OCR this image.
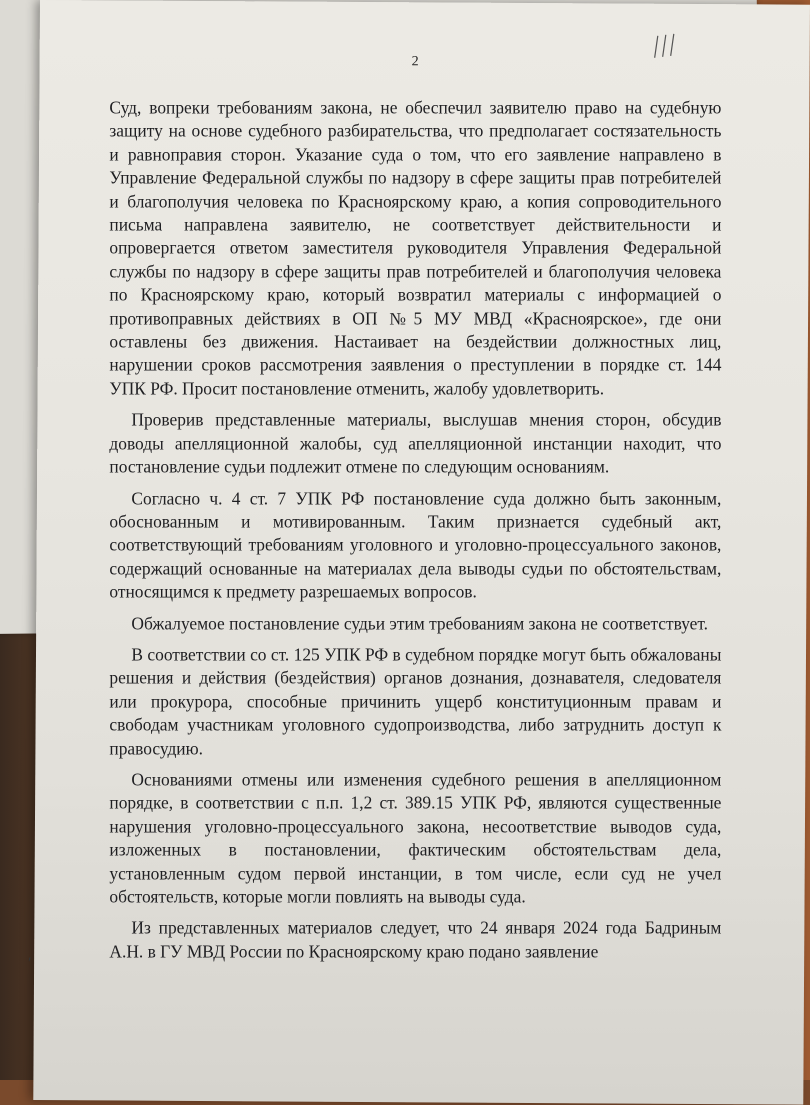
2

Суд, вопреки требованиям закона, не обеспечил заявителю право на судебную защиту на основе судебного разбирательства, что предполагает состязательность и равноправия сторон. Указание суда о том, что его заявление направлено в Управление Федеральной службы по надзору в сфере защиты прав потребителей и благополучия человека по Красноярскому краю, а копия сопроводительного письма направлена заявителю, не соответствует действительности и опровергается ответом заместителя руководителя Управления Федеральной службы по надзору в сфере защиты прав потребителей и благополучия человека по Красноярскому краю, который возвратил материалы с информацией о противоправных действиях в ОП №5 МУ МВД «Красноярское», где они оставлены без движения. Настаивает на бездействии должностных лиц, нарушении сроков рассмотрения заявления о преступлении в порядке ст. 144 УПК РФ. Просит постановление отменить, жалобу удовлетворить.

Проверив представленные материалы, выслушав мнения сторон, обсудив доводы апелляционной жалобы, суд апелляционной инстанции находит, что постановление судьи подлежит отмене по следующим основаниям.

Согласно ч. 4 ст. 7 УПК РФ постановление суда должно быть законным, обоснованным и мотивированным. Таким признается судебный акт, соответствующий требованиям уголовного и уголовно-процессуального законов, содержащий основанные на материалах дела выводы судьи по обстоятельствам, относящимся к предмету разрешаемых вопросов.

Обжалуемое постановление судьи этим требованиям закона не соответствует.

В соответствии со ст. 125 УПК РФ в судебном порядке могут быть обжалованы решения и действия (бездействия) органов дознания, дознавателя, следователя или прокурора, способные причинить ущерб конституционным правам и свободам участникам уголовного судопроизводства, либо затруднить доступ к правосудию.

Основаниями отмены или изменения судебного решения в апелляционном порядке, в соответствии с п.п. 1,2 ст. 389.15 УПК РФ, являются существенные нарушения уголовно-процессуального закона, несоответствие выводов суда, изложенных в постановлении, фактическим обстоятельствам дела, установленным судом первой инстанции, в том числе, если суд не учел обстоятельств, которые могли повлиять на выводы суда.

Из представленных материалов следует, что 24 января 2024 года Бадриным А.Н. в ГУ МВД России по Красноярскому краю подано заявление

′
